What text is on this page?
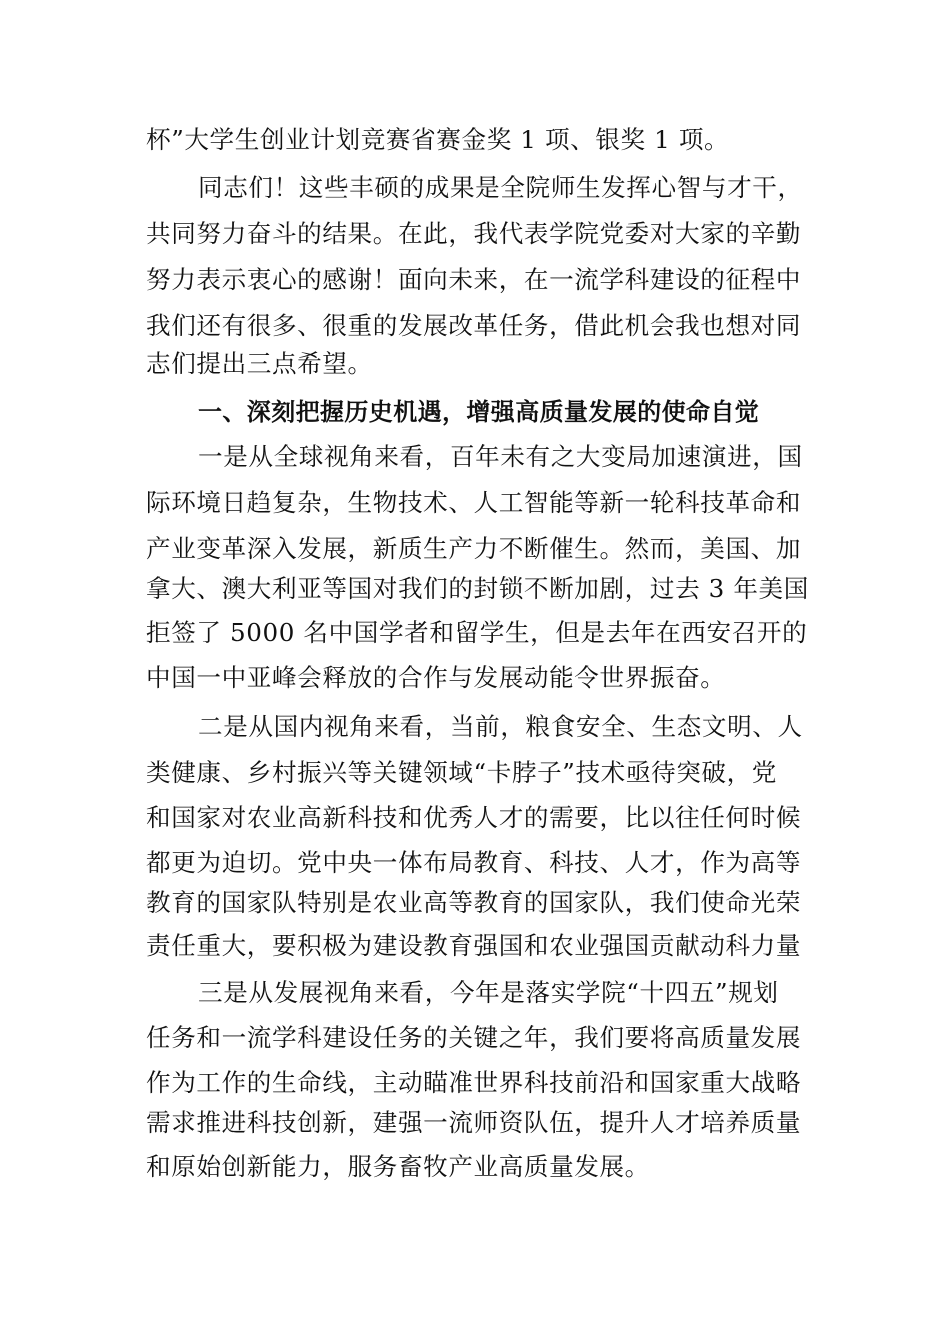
杯”大学生创业计划竞赛省赛金奖 1 项、银奖 1 项。
同志们！这些丰硕的成果是全院师生发挥心智与才干，
共同努力奋斗的结果。在此，我代表学院党委对大家的辛勤
努力表示衷心的感谢！面向未来，在一流学科建设的征程中
我们还有很多、很重的发展改革任务，借此机会我也想对同
志们提出三点希望。
一、深刻把握历史机遇，增强高质量发展的使命自觉
一是从全球视角来看，百年未有之大变局加速演进，国
际环境日趋复杂，生物技术、人工智能等新一轮科技革命和
产业变革深入发展，新质生产力不断催生。然而，美国、加
拿大、澳大利亚等国对我们的封锁不断加剧，过去 3 年美国
拒签了 5000 名中国学者和留学生，但是去年在西安召开的
中国一中亚峰会释放的合作与发展动能令世界振奋。
二是从国内视角来看，当前，粮食安全、生态文明、人
类健康、乡村振兴等关键领域“卡脖子”技术亟待突破，党
和国家对农业高新科技和优秀人才的需要，比以往任何时候
都更为迫切。党中央一体布局教育、科技、人才，作为高等
教育的国家队特别是农业高等教育的国家队，我们使命光荣
责任重大，要积极为建设教育强国和农业强国贡献动科力量
三是从发展视角来看，今年是落实学院“十四五”规划
任务和一流学科建设任务的关键之年，我们要将高质量发展
作为工作的生命线，主动瞄准世界科技前沿和国家重大战略
需求推进科技创新，建强一流师资队伍，提升人才培养质量
和原始创新能力，服务畜牧产业高质量发展。
